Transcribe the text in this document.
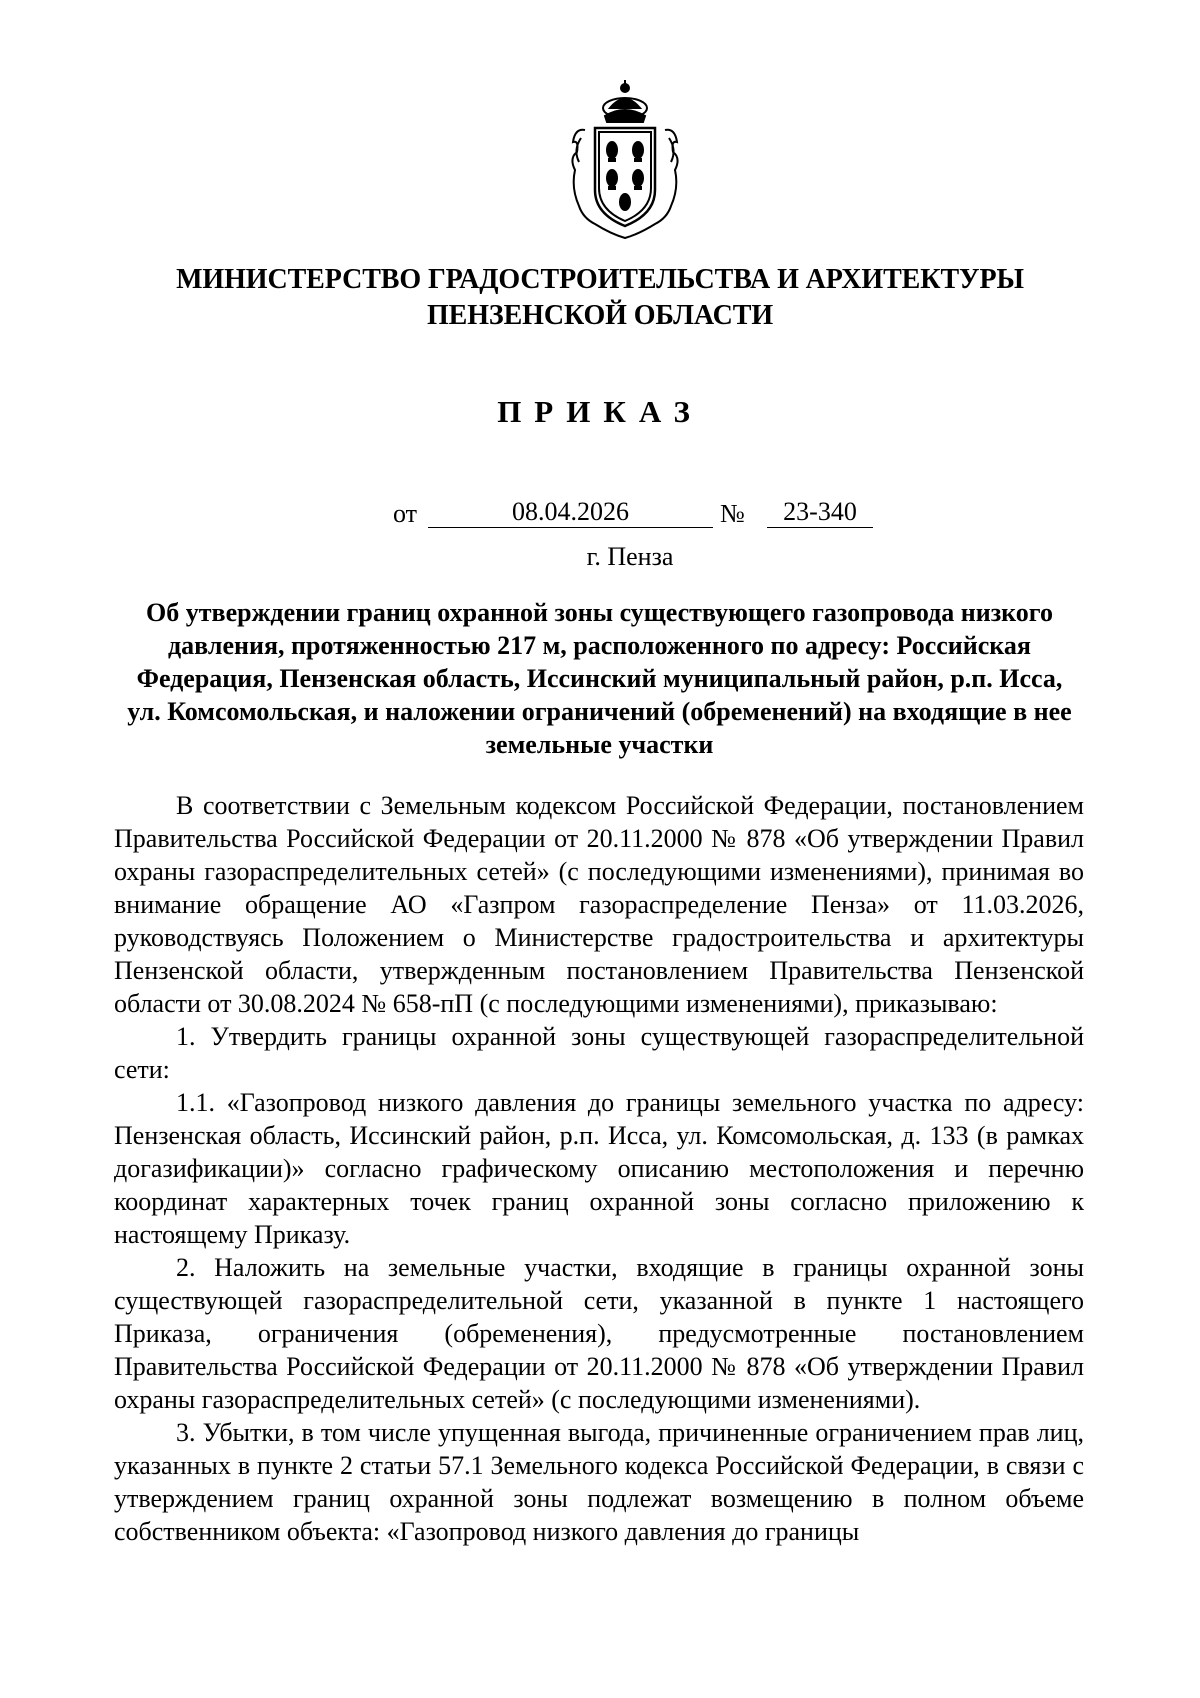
МИНИСТЕРСТВО ГРАДОСТРОИТЕЛЬСТВА И АРХИТЕКТУРЫ
ПЕНЗЕНСКОЙ ОБЛАСТИ
ПРИКАЗ
от	08.04.2026	№	23-340
г. Пенза
Об утверждении границ охранной зоны существующего газопровода низкого давления, протяженностью 217 м, расположенного по адресу: Российская Федерация, Пензенская область, Иссинский муниципальный район, р.п. Исса, ул. Комсомольская, и наложении ограничений (обременений) на входящие в нее земельные участки

В соответствии с Земельным кодексом Российской Федерации, постановлением Правительства Российской Федерации от 20.11.2000 № 878 «Об утверждении Правил охраны газораспределительных сетей» (с последующими изменениями), принимая во внимание обращение АО «Газпром газораспределение Пенза» от 11.03.2026, руководствуясь Положением о Министерстве градостроительства и архитектуры Пензенской области, утвержденным постановлением Правительства Пензенской области от 30.08.2024 № 658-пП (с последующими изменениями), приказываю:

1. Утвердить границы охранной зоны существующей газораспределительной сети:

1.1. «Газопровод низкого давления до границы земельного участка по адресу: Пензенская область, Иссинский район, р.п. Исса, ул. Комсомольская, д. 133 (в рамках догазификации)» согласно графическому описанию местоположения и перечню координат характерных точек границ охранной зоны согласно приложению к настоящему Приказу.

2. Наложить на земельные участки, входящие в границы охранной зоны существующей газораспределительной сети, указанной в пункте 1 настоящего Приказа, ограничения (обременения), предусмотренные постановлением Правительства Российской Федерации от 20.11.2000 № 878 «Об утверждении Правил охраны газораспределительных сетей» (с последующими изменениями).

3. Убытки, в том числе упущенная выгода, причиненные ограничением прав лиц, указанных в пункте 2 статьи 57.1 Земельного кодекса Российской Федерации, в связи с утверждением границ охранной зоны подлежат возмещению в полном объеме собственником объекта: «Газопровод низкого давления до границы
